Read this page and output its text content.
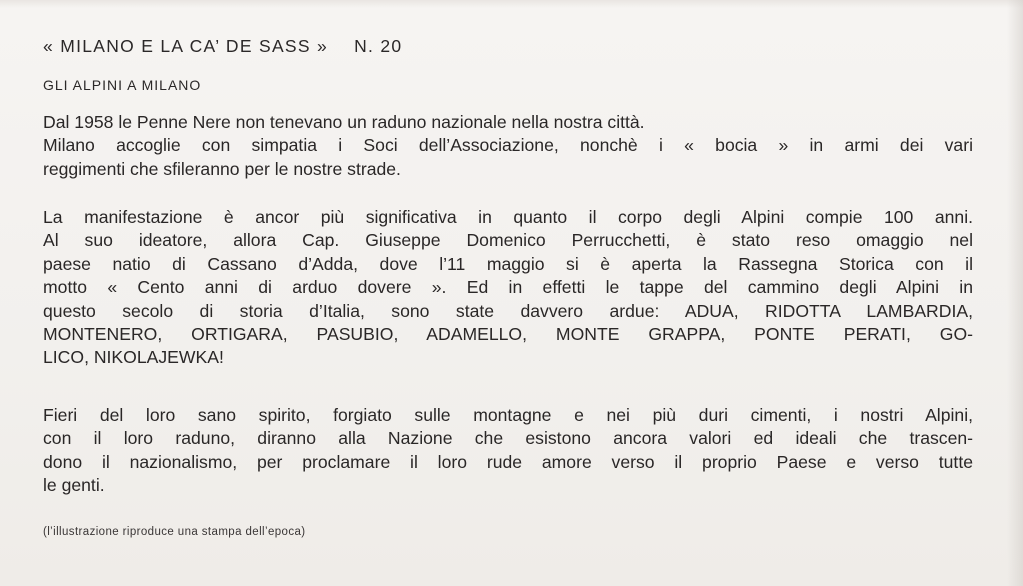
« MILANO E LA CA’ DE SASS » N. 20
GLI ALPINI A MILANO
Dal 1958 le Penne Nere non tenevano un raduno nazionale nella nostra città.
Milano accoglie con simpatia i Soci dell’Associazione, nonchè i « bocia » in armi dei vari
reggimenti che sfileranno per le nostre strade.
La manifestazione è ancor più significativa in quanto il corpo degli Alpini compie 100 anni.
Al suo ideatore, allora Cap. Giuseppe Domenico Perrucchetti, è stato reso omaggio nel
paese natio di Cassano d’Adda, dove l’11 maggio si è aperta la Rassegna Storica con il
motto « Cento anni di arduo dovere ». Ed in effetti le tappe del cammino degli Alpini in
questo secolo di storia d’Italia, sono state davvero ardue: ADUA, RIDOTTA LAMBARDIA,
MONTENERO, ORTIGARA, PASUBIO, ADAMELLO, MONTE GRAPPA, PONTE PERATI, GO-
LICO, NIKOLAJEWKA!
Fieri del loro sano spirito, forgiato sulle montagne e nei più duri cimenti, i nostri Alpini,
con il loro raduno, diranno alla Nazione che esistono ancora valori ed ideali che trascen-
dono il nazionalismo, per proclamare il loro rude amore verso il proprio Paese e verso tutte
le genti.
(l’illustrazione riproduce una stampa dell’epoca)
